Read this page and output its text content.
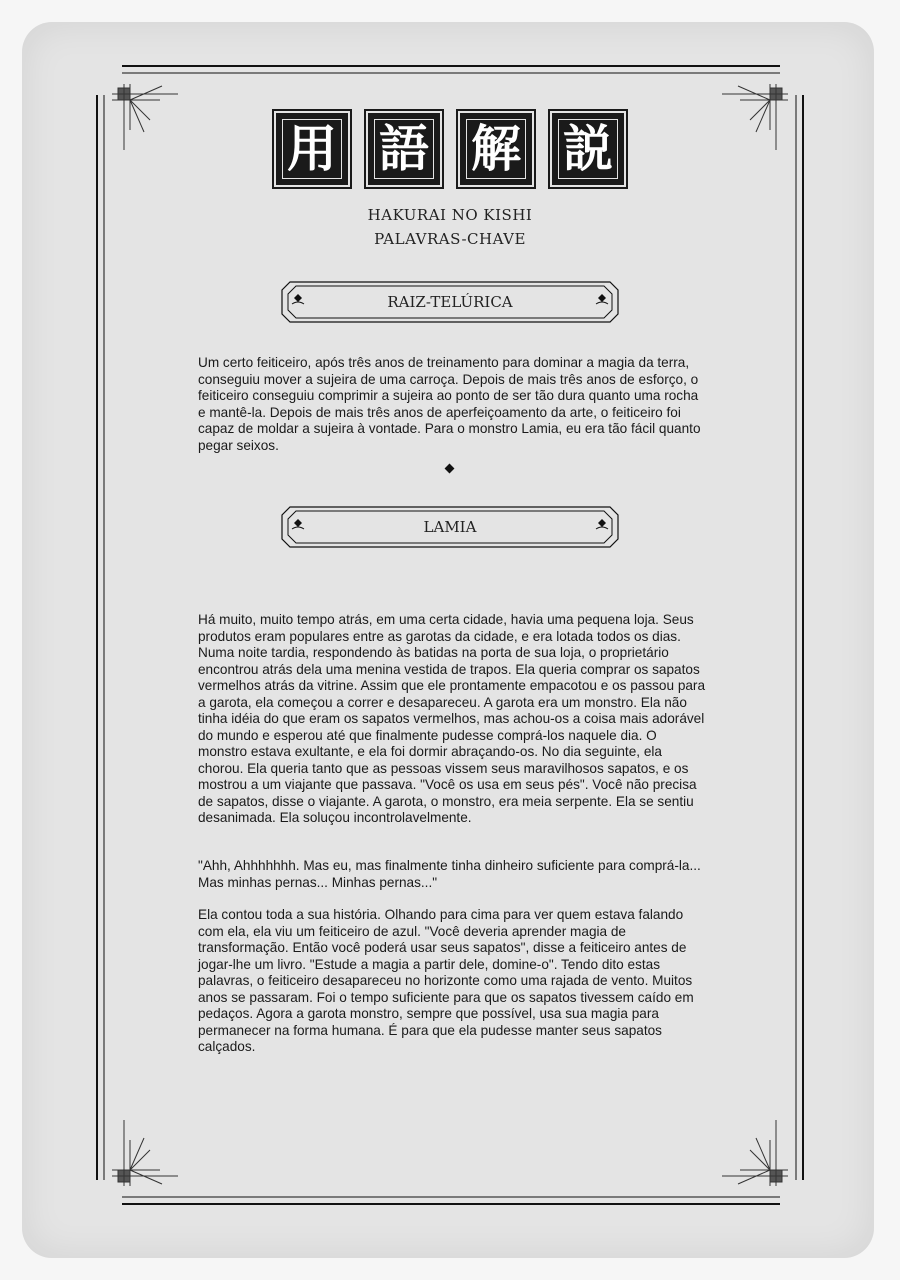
用 語 解 説
HAKURAI NO KISHI
PALAVRAS-CHAVE
RAIZ-TELÚRICA

Um certo feiticeiro, após três anos de treinamento para dominar a magia da terra, conseguiu mover a sujeira de uma carroça. Depois de mais três anos de esforço, o feiticeiro conseguiu comprimir a sujeira ao ponto de ser tão dura quanto uma rocha e mantê-la. Depois de mais três anos de aperfeiçoamento da arte, o feiticeiro foi capaz de moldar a sujeira à vontade. Para o monstro Lamia, eu era tão fácil quanto pegar seixos.

LAMIA

Há muito, muito tempo atrás, em uma certa cidade, havia uma pequena loja. Seus produtos eram populares entre as garotas da cidade, e era lotada todos os dias. Numa noite tardia, respondendo às batidas na porta de sua loja, o proprietário encontrou atrás dela uma menina vestida de trapos. Ela queria comprar os sapatos vermelhos atrás da vitrine. Assim que ele prontamente empacotou e os passou para a garota, ela começou a correr e desapareceu. A garota era um monstro. Ela não tinha idéia do que eram os sapatos vermelhos, mas achou-os a coisa mais adorável do mundo e esperou até que finalmente pudesse comprá-los naquele dia. O monstro estava exultante, e ela foi dormir abraçando-os. No dia seguinte, ela chorou. Ela queria tanto que as pessoas vissem seus maravilhosos sapatos, e os mostrou a um viajante que passava. "Você os usa em seus pés". Você não precisa de sapatos, disse o viajante. A garota, o monstro, era meia serpente. Ela se sentiu desanimada. Ela soluçou incontrolavelmente.

"Ahh, Ahhhhhhh. Mas eu, mas finalmente tinha dinheiro suficiente para comprá-la... Mas minhas pernas... Minhas pernas..."

Ela contou toda a sua história. Olhando para cima para ver quem estava falando com ela, ela viu um feiticeiro de azul. "Você deveria aprender magia de transformação. Então você poderá usar seus sapatos", disse a feiticeiro antes de jogar-lhe um livro. "Estude a magia a partir dele, domine-o". Tendo dito estas palavras, o feiticeiro desapareceu no horizonte como uma rajada de vento. Muitos anos se passaram. Foi o tempo suficiente para que os sapatos tivessem caído em pedaços. Agora a garota monstro, sempre que possível, usa sua magia para permanecer na forma humana. É para que ela pudesse manter seus sapatos calçados.
